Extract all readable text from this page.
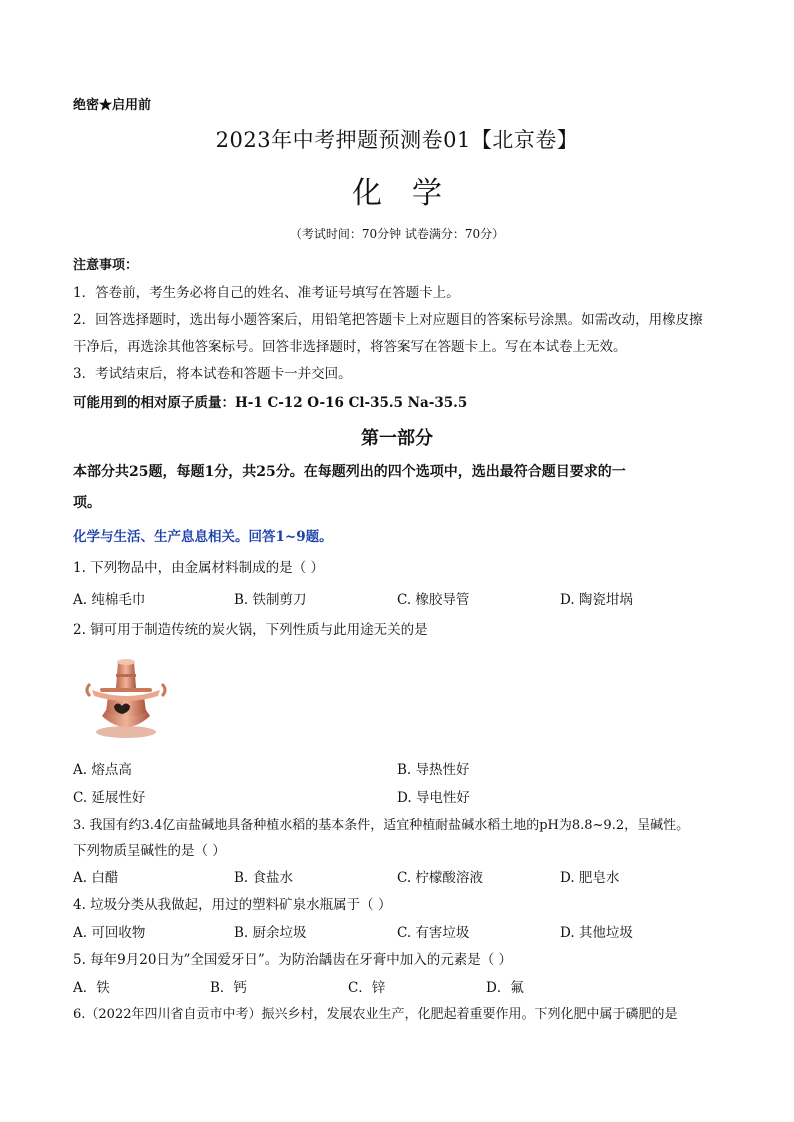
绝密★启用前
2023年中考押题预测卷01【北京卷】
化学
（考试时间：70分钟 试卷满分：70分）
注意事项：
1．答卷前，考生务必将自己的姓名、准考证号填写在答题卡上。
2．回答选择题时，选出每小题答案后，用铅笔把答题卡上对应题目的答案标号涂黑。如需改动，用橡皮擦
干净后，再选涂其他答案标号。回答非选择题时，将答案写在答题卡上。写在本试卷上无效。
3．考试结束后，将本试卷和答题卡一并交回。
可能用到的相对原子质量：H-1 C-12 O-16 Cl-35.5 Na-35.5
第一部分
本部分共25题，每题1分，共25分。在每题列出的四个选项中，选出最符合题目要求的一
项。
化学与生活、生产息息相关。回答1~9题。
1. 下列物品中，由金属材料制成的是（ ）
A. 纯棉毛巾	B. 铁制剪刀	C. 橡胶导管	D. 陶瓷坩埚
2. 铜可用于制造传统的炭火锅，下列性质与此用途无关的是
A. 熔点高	B. 导热性好
C. 延展性好	D. 导电性好
3. 我国有约3.4亿亩盐碱地具备种植水稻的基本条件，适宜种植耐盐碱水稻土地的pH为8.8~9.2，呈碱性。
下列物质呈碱性的是（ ）
A. 白醋	B. 食盐水	C. 柠檬酸溶液	D. 肥皂水
4. 垃圾分类从我做起，用过的塑料矿泉水瓶属于（ ）
A. 可回收物	B. 厨余垃圾	C. 有害垃圾	D. 其他垃圾
5. 每年9月20日为”全国爱牙日”。为防治龋齿在牙膏中加入的元素是（ ）
A．铁	B．钙	C．锌	D．氟
6.（2022年四川省自贡市中考）振兴乡村，发展农业生产，化肥起着重要作用。下列化肥中属于磷肥的是
